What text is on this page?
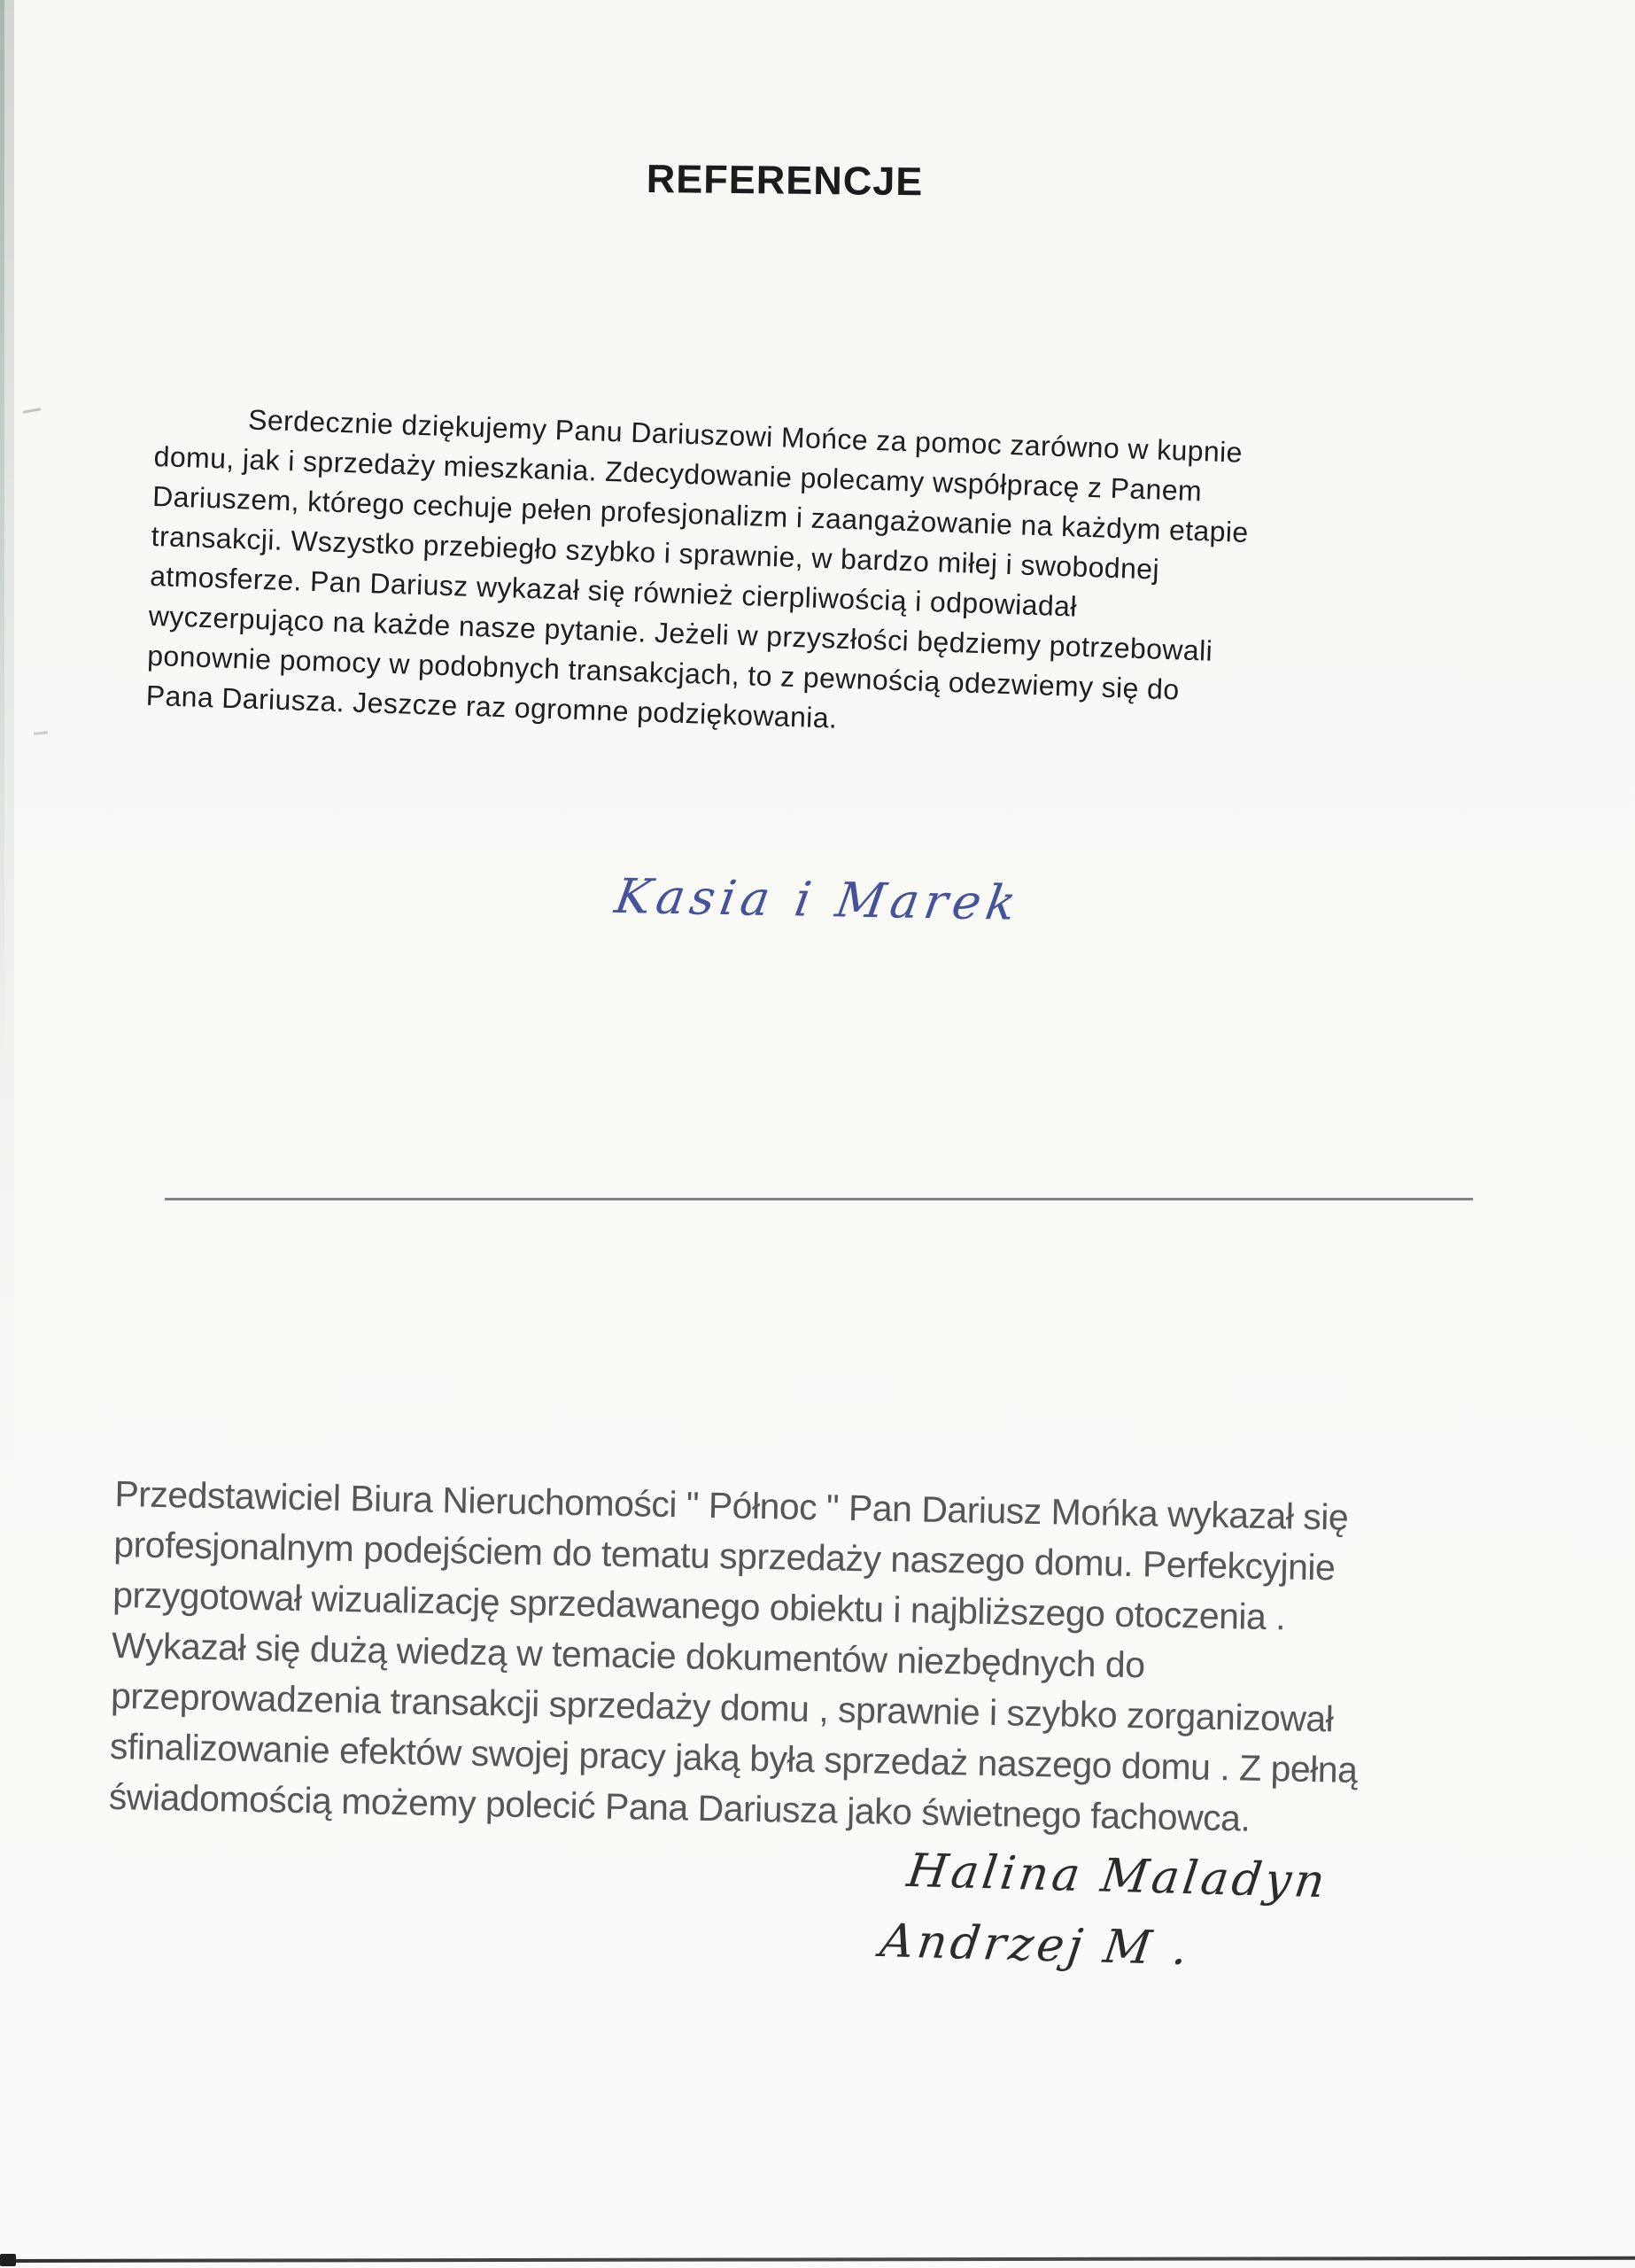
REFERENCJE
Serdecznie dziękujemy Panu Dariuszowi Mońce za pomoc zarówno w kupnie
domu, jak i sprzedaży mieszkania. Zdecydowanie polecamy współpracę z Panem
Dariuszem, którego cechuje pełen profesjonalizm i zaangażowanie na każdym etapie
transakcji. Wszystko przebiegło szybko i sprawnie, w bardzo miłej i swobodnej
atmosferze. Pan Dariusz wykazał się również cierpliwością i odpowiadał
wyczerpująco na każde nasze pytanie. Jeżeli w przyszłości będziemy potrzebowali
ponownie pomocy w podobnych transakcjach, to z pewnością odezwiemy się do
Pana Dariusza. Jeszcze raz ogromne podziękowania.
Kasia i Marek
Przedstawiciel Biura Nieruchomości " Północ " Pan Dariusz Mońka wykazał się
profesjonalnym podejściem do tematu sprzedaży naszego domu. Perfekcyjnie
przygotował wizualizację sprzedawanego obiektu i najbliższego otoczenia .
Wykazał się dużą wiedzą w temacie dokumentów niezbędnych do
przeprowadzenia transakcji sprzedaży domu , sprawnie i szybko zorganizował
sfinalizowanie efektów swojej pracy jaką była sprzedaż naszego domu . Z pełną
świadomością możemy polecić Pana Dariusza jako świetnego fachowca.
Halina Maladyn
Andrzej M .
